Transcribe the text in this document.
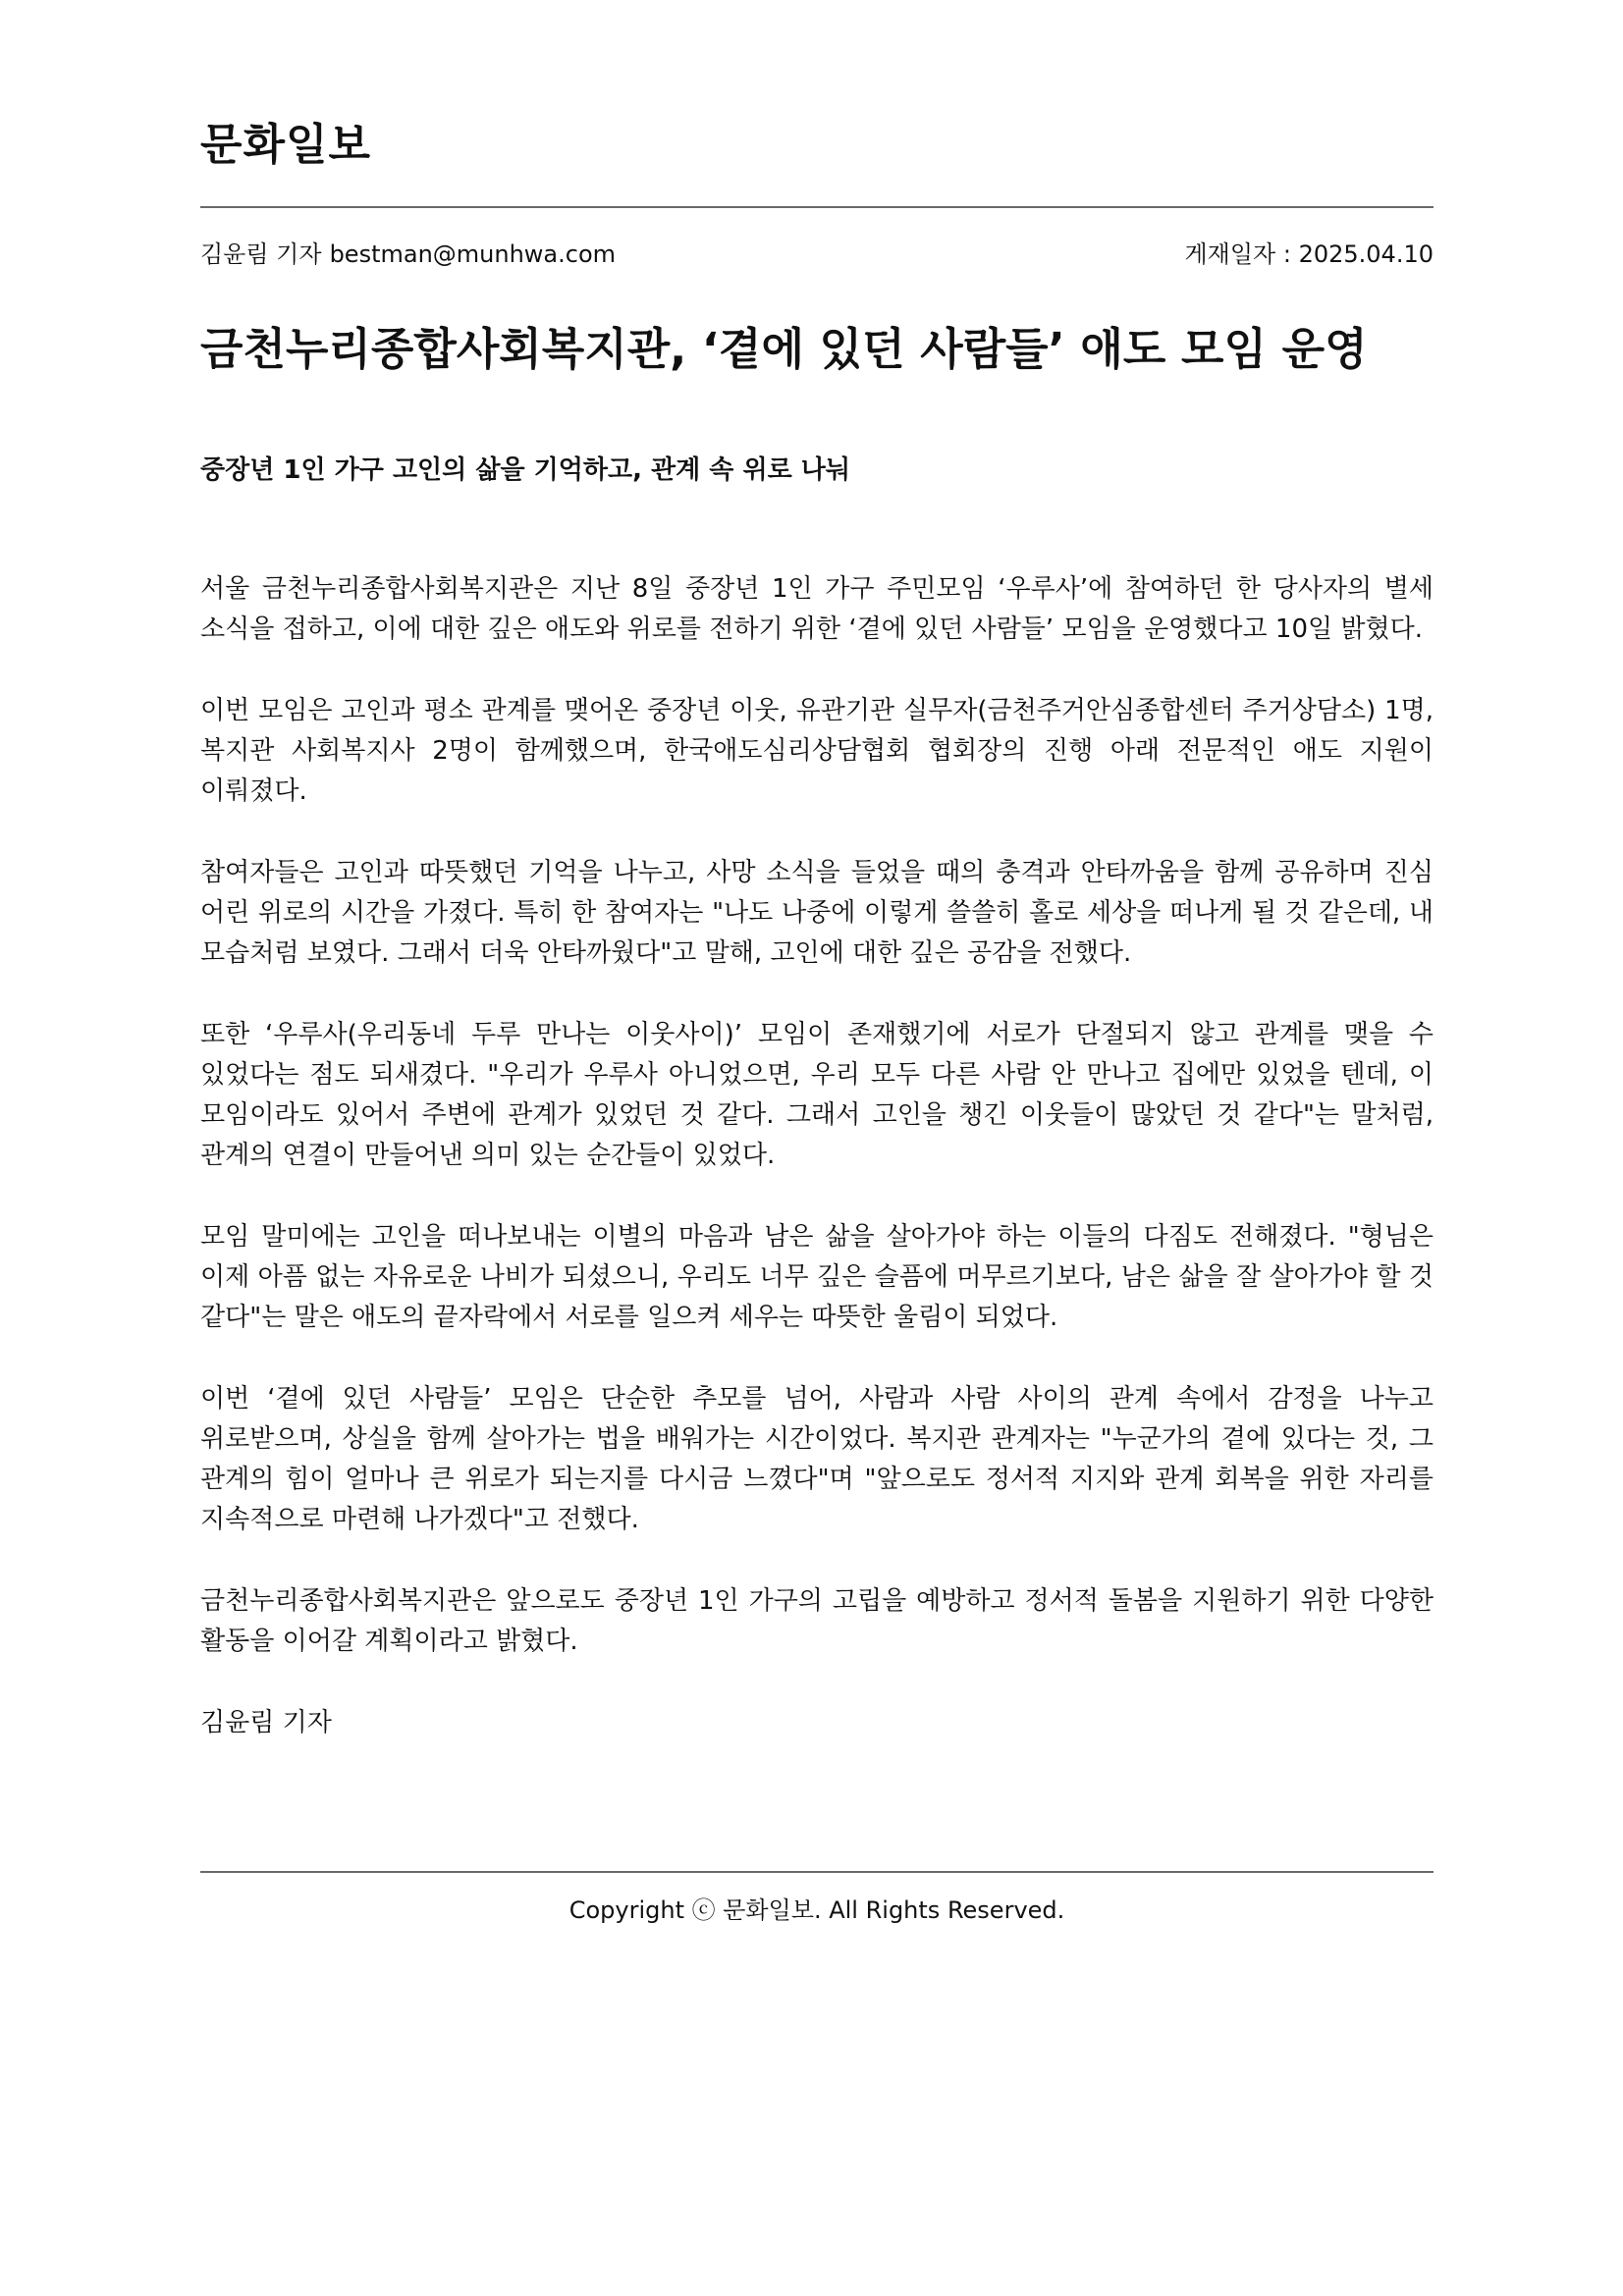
문화일보
김윤림 기자 bestman@munhwa.com	게재일자 : 2025.04.10
금천누리종합사회복지관, ‘곁에 있던 사람들’ 애도 모임 운영
중장년 1인 가구 고인의 삶을 기억하고, 관계 속 위로 나눠

서울 금천누리종합사회복지관은 지난 8일 중장년 1인 가구 주민모임 ‘우루사’에 참여하던 한 당사자의 별세 소식을 접하고, 이에 대한 깊은 애도와 위로를 전하기 위한 ‘곁에 있던 사람들’ 모임을 운영했다고 10일 밝혔다.

이번 모임은 고인과 평소 관계를 맺어온 중장년 이웃, 유관기관 실무자(금천주거안심종합센터 주거상담소) 1명, 복지관 사회복지사 2명이 함께했으며, 한국애도심리상담협회 협회장의 진행 아래 전문적인 애도 지원이 이뤄졌다.

참여자들은 고인과 따뜻했던 기억을 나누고, 사망 소식을 들었을 때의 충격과 안타까움을 함께 공유하며 진심 어린 위로의 시간을 가졌다. 특히 한 참여자는 "나도 나중에 이렇게 쓸쓸히 홀로 세상을 떠나게 될 것 같은데, 내 모습처럼 보였다. 그래서 더욱 안타까웠다"고 말해, 고인에 대한 깊은 공감을 전했다.

또한 ‘우루사(우리동네 두루 만나는 이웃사이)’ 모임이 존재했기에 서로가 단절되지 않고 관계를 맺을 수 있었다는 점도 되새겼다. "우리가 우루사 아니었으면, 우리 모두 다른 사람 안 만나고 집에만 있었을 텐데, 이 모임이라도 있어서 주변에 관계가 있었던 것 같다. 그래서 고인을 챙긴 이웃들이 많았던 것 같다"는 말처럼, 관계의 연결이 만들어낸 의미 있는 순간들이 있었다.

모임 말미에는 고인을 떠나보내는 이별의 마음과 남은 삶을 살아가야 하는 이들의 다짐도 전해졌다. "형님은 이제 아픔 없는 자유로운 나비가 되셨으니, 우리도 너무 깊은 슬픔에 머무르기보다, 남은 삶을 잘 살아가야 할 것 같다"는 말은 애도의 끝자락에서 서로를 일으켜 세우는 따뜻한 울림이 되었다.

이번 ‘곁에 있던 사람들’ 모임은 단순한 추모를 넘어, 사람과 사람 사이의 관계 속에서 감정을 나누고 위로받으며, 상실을 함께 살아가는 법을 배워가는 시간이었다. 복지관 관계자는 "누군가의 곁에 있다는 것, 그 관계의 힘이 얼마나 큰 위로가 되는지를 다시금 느꼈다"며 "앞으로도 정서적 지지와 관계 회복을 위한 자리를 지속적으로 마련해 나가겠다"고 전했다.

금천누리종합사회복지관은 앞으로도 중장년 1인 가구의 고립을 예방하고 정서적 돌봄을 지원하기 위한 다양한 활동을 이어갈 계획이라고 밝혔다.

김윤림 기자

Copyright ⓒ 문화일보. All Rights Reserved.
